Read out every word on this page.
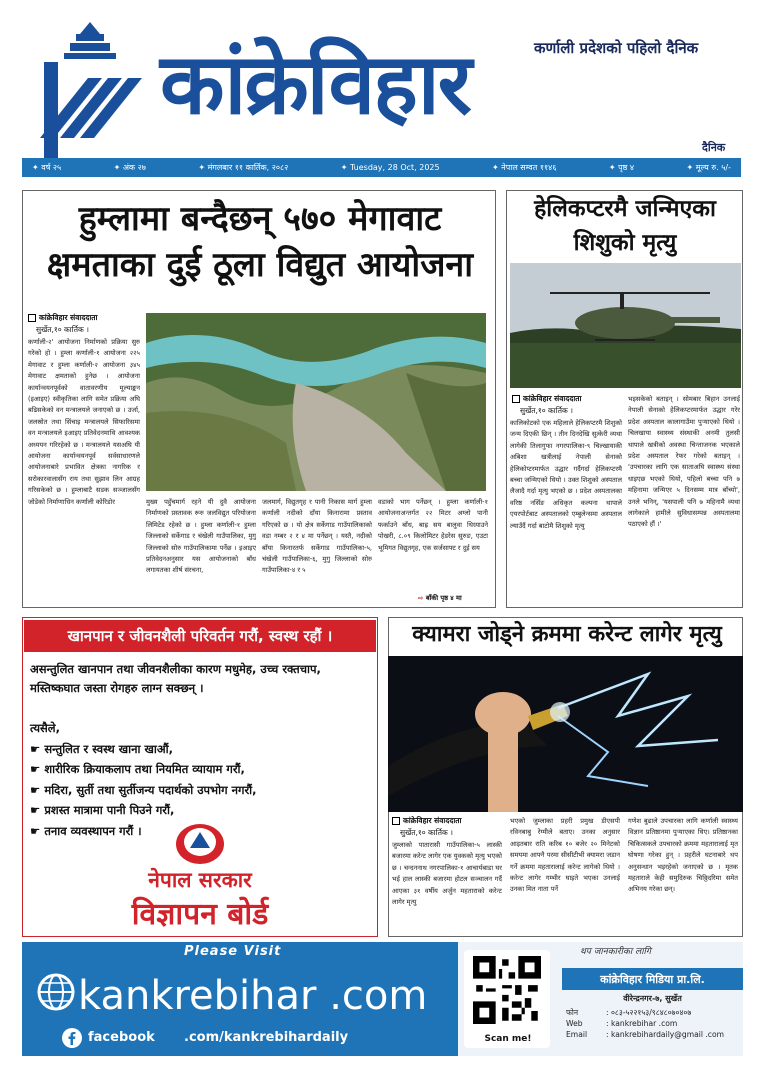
कांक्रेविहार	कर्णाली प्रदेशको पहिलो दैनिक
दैनिक
✦ वर्ष २५	✦ अंक २७	✦ मंगलबार ११ कार्तिक, २०८२	✦ Tuesday, 28 Oct, 2025	✦ नेपाल सम्वत ११४६	✦ पृष्ठ ४	✦ मूल्य रु. ५/-
हुम्लामा बन्दैछन् ५७० मेगावाट
क्षमताका दुई ठूला विद्युत आयोजना
कांक्रेविहार संवाददाता
सुर्खेत,१० कार्तिक ।
कर्णाली-२' आयोजना निर्माणको प्रक्रिया सुरु गरेको हो । हुम्ला कर्णाली-१ आयोजना २२५ मेगावाट र हुम्ला कर्णाली-२ आयोजना ३४५ मेगावाट क्षमताको हुनेछ । आयोजना कार्यान्वयनपूर्वको वातावरणीय मूल्याङ्कन (इआइए) स्वीकृतिका लागि समेत प्रक्रिया अघि बढिसकेको वन मन्त्रालयले जनाएको छ । उर्जा, जलस्रोत तथा सिंचाइ मन्त्रालयले सिफारिसमा वन मन्त्रालयले इआइए प्रतिवेदनमाथि आवश्यक अध्ययन गरिरहेको छ । मन्त्रालयले यसअघि यी आयोजना कार्यान्वयनपूर्व सर्वसाधारणले आयोजनाबारे प्रभावित क्षेत्रका नागरिक र सरोकारवालासँग राय तथा सुझाव लिन आग्रह गरिसकेको छ । हुम्लाबाटै सडक सञ्जालसँग जोडेको निर्माणाधिन कर्णाली कोरिडोर	मुख्य पहुँचमार्ग रहने यी दुवै आयोजना निर्माणको प्रस्तावक रूरु जलविद्युत परियोजना लिमिटेड रहेको छ । हुम्ला कर्णाली-१ हुम्ला जिल्लाको सर्केगाड र चंखेली गाउँपालिका, मुगु जिल्लाको सोरु गाउँपालिकामा पर्नेछ । इआइए प्रतिवेदनअनुसार यस आयोजनाको बाँध लगायतका शीर्ष संरचना,
जलमार्ग, विद्युतगृह र पानी निकास मार्ग हुम्ला कर्णाली नदीको दाँया किनारामा प्रस्ताव गरिएको छ । यो क्षेत्र सर्केगाड गाउँपालिकाको वडा नम्बर २ र ४ मा पर्नेछन् । यस्तै, नदीको बाँया किनारतर्फ सर्केगाड गाउँपालिका-५, चंखेली गाउँपालिका-६, मुगु जिल्लाको सोरु गाउँपालिका-४ र ५
वडाको भाग पर्नेछन् । हुम्ला कर्णाली-१ आयोजनाअन्तर्गत २२ मिटर अग्लो पानी फर्काउने बाँध, बाह्र सय बालुवा थिग्र्याउने पोखरी, ८.०९ किलोमिटर हेडरेस सुरुङ, एउटा भूमिगत विद्युतगृह, एक सर्जसाफ्ट र दुई सय
⇨ बाँकी पृष्ठ ४ मा
हेलिकप्टरमै जन्मिएका
शिशुको मृत्यु
कांक्रेविहार संवाददाता
सुर्खेत,१० कार्तिक ।
कालिकोटको एक महिलाले हेलिकप्टरमै शिशुको जन्म दिएकी छिन् । तीन दिनदेखि सुत्केरी व्यथा लागेकी तिलागुफा नगरपालिका-९ चिल्खायाकी अबिशा खत्रीलाई नेपाली सेनाको हेलिकोप्टरमार्फत उद्धार गर्दैगर्दा हेलिकप्टरमै बच्चा जन्मिएको थियो । उक्त शिशुको अस्पताल लैजादै गर्दा मृत्यु भएको छ । प्रदेश अस्पतालका वरिष्ठ नर्सिङ अधिकृत कल्पना थापाले एयरपोर्टबाट अस्पतालको एम्बुलेन्समा अस्पताल ल्याउँदैं गर्दा बाटोमै शिशुको मृत्यु
भइसकेको बताइन् । सोमबार बिहान उनलाई नेपाली सेनाको हेलिकप्टरमार्फत उद्धार गरेर प्रदेश अस्पताल कालागाउँमा पुऱ्याएको थियो । चिलखाया स्वास्थ्य संस्थाकी अनमी तुलसी थापाले खत्रीको अवस्था चिन्ताजनक भएकाले प्रदेश अस्पताल रेफर गरेको बताइन् । 'उपचारका लागि एक साताअघि स्वास्थ्य संस्था धाइएछ भएको थियो, पहिलो बच्चा पनि ७ महिनामा जन्मिएर ५ दिनसम्म मात्र बाँच्यो', उनले भनिन्, 'यसपाली पनि ७ महिनामै व्यथा लागेकाले हामीले सुविधासम्पन्न अस्पतालमा पठाएको हौं ।'
खानपान र जीवनशैली परिवर्तन गरौं, स्वस्थ रहौं ।
असन्तुलित खानपान तथा जीवनशैलीका कारण मधुमेह, उच्च रक्तचाप, मस्तिष्कघात जस्ता रोगहरु लाग्न सक्छन् ।
त्यसैले,
☛ सन्तुलित र स्वस्थ खाना खाऔं,
☛ शारीरिक क्रियाकलाप तथा नियमित व्यायाम गरौं,
☛ मदिरा, सुर्ती तथा सुर्तीजन्य पदार्थको उपभोग नगरौं,
☛ प्रशस्त मात्रामा पानी पिउने गरौं,
☛ तनाव व्यवस्थापन गरौं ।
नेपाल सरकार
विज्ञापन बोर्ड
क्यामरा जोड्ने क्रममा करेन्ट लागेर मृत्यु
कांक्रेविहार संवाददाता
सुर्खेत,१० कार्तिक ।
जुम्लाको पातारासी गाउँपालिका-५ लास्की बजारमा करेन्ट लागेर एक युवकको मृत्यु भएको छ । चन्दननाथ नगरपालिका-१ आचार्यबाडा घर भई हाल लास्की बजारमा होटल सञ्चालन गर्दै आएका ३१ वर्षीय अर्जुन महताराको करेन्ट लागेर मृत्यु
भएको जुम्लाका प्रहरी प्रमुख डीएसपी रविनबाबु रेग्मीले बताए। उनका अनुसार आइतबार राति करिब १० बजेर २० मिनेटको समयमा आफ्नै परमा सीसीटीभी क्यामरा जडान गर्ने क्रममा महतारालाई करेन्ट लागेको थियो । करेन्ट लागेर गम्भीर घाइते भएका उनलाई उनका मित नाता पर्ने
गणेश बुढाले उपचारका लागि कर्णाली स्वास्थ्य विज्ञान प्रतिष्ठानमा पुऱ्याएका थिए। प्रतिष्ठानका चिकित्सकले उपचारको क्रममा महतारालाई मृत घोषणा गरेका हुन् । प्रहरीले घटनाबारे थप अनुसन्धान भइरहेको जनाएको छ । मृतक महताराले केही समुदिरुक चिठ्ठिदरिमा समेत अभिनय गरेका छन्।
Please Visit
kankrebihar .com
facebook .com/kankrebihardaily	Scan me!
थप जानकारीका लागि
कांक्रेविहार मिडिया प्रा.लि.
वीरेन्द्रनगर-७, सुर्खेत
फोन	: ०८३-५२२१५३/९८४८०७०४०७
Web	: kankrebihar .com
Email : kankrebihardaily@gmail .com
